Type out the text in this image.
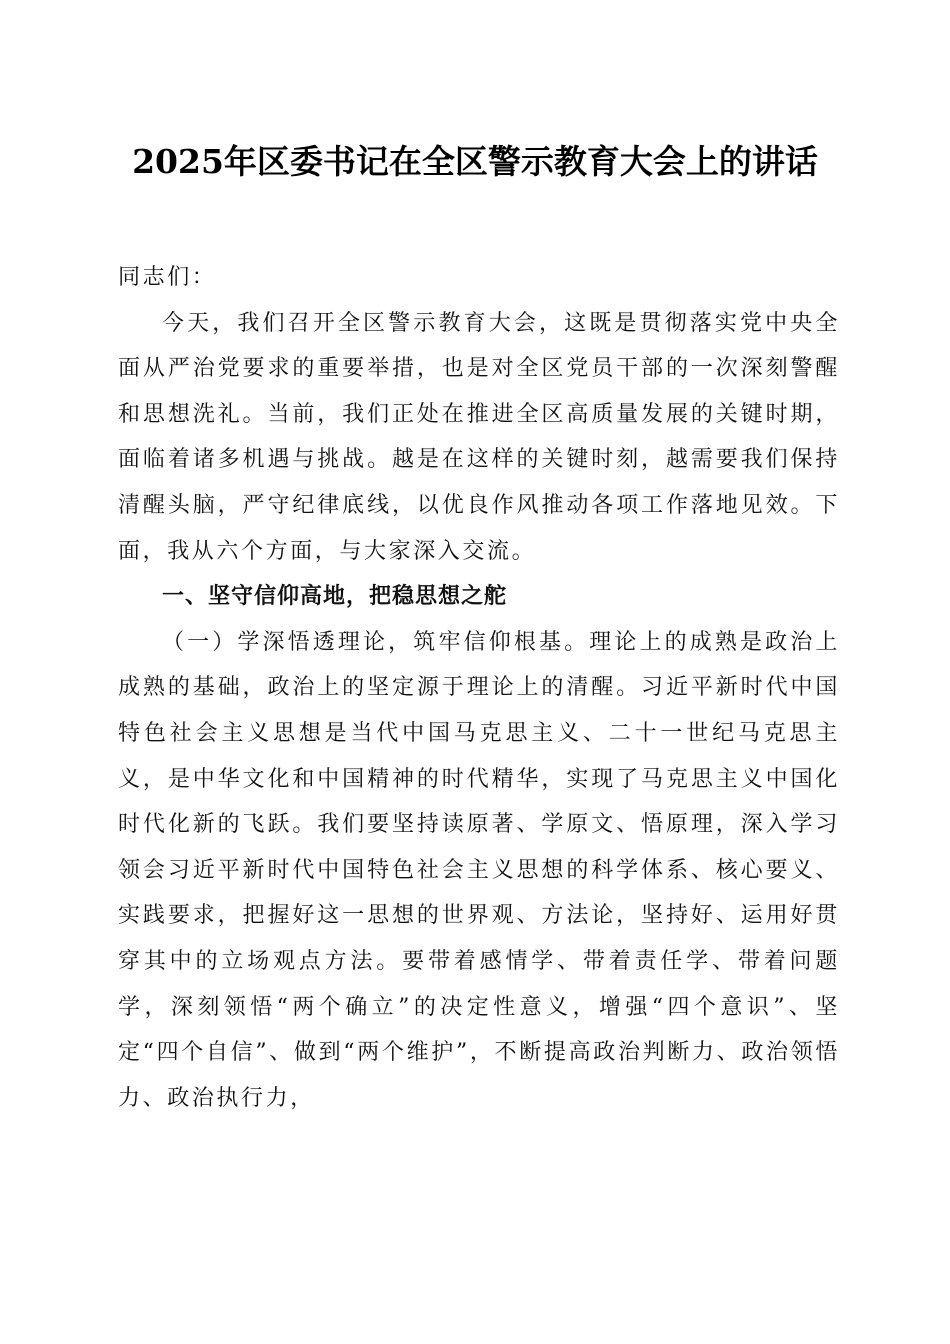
2025年区委书记在全区警示教育大会上的讲话

同志们：

今天，我们召开全区警示教育大会，这既是贯彻落实党中央全面从严治党要求的重要举措，也是对全区党员干部的一次深刻警醒和思想洗礼。当前，我们正处在推进全区高质量发展的关键时期，面临着诸多机遇与挑战。越是在这样的关键时刻，越需要我们保持清醒头脑，严守纪律底线，以优良作风推动各项工作落地见效。下面，我从六个方面，与大家深入交流。

一、坚守信仰高地，把稳思想之舵

（一）学深悟透理论，筑牢信仰根基。理论上的成熟是政治上成熟的基础，政治上的坚定源于理论上的清醒。习近平新时代中国特色社会主义思想是当代中国马克思主义、二十一世纪马克思主义，是中华文化和中国精神的时代精华，实现了马克思主义中国化时代化新的飞跃。我们要坚持读原著、学原文、悟原理，深入学习领会习近平新时代中国特色社会主义思想的科学体系、核心要义、实践要求，把握好这一思想的世界观、方法论，坚持好、运用好贯穿其中的立场观点方法。要带着感情学、带着责任学、带着问题学，深刻领悟“两个确立”的决定性意义，增强“四个意识”、坚定“四个自信”、做到“两个维护”，不断提高政治判断力、政治领悟力、政治执行力，
